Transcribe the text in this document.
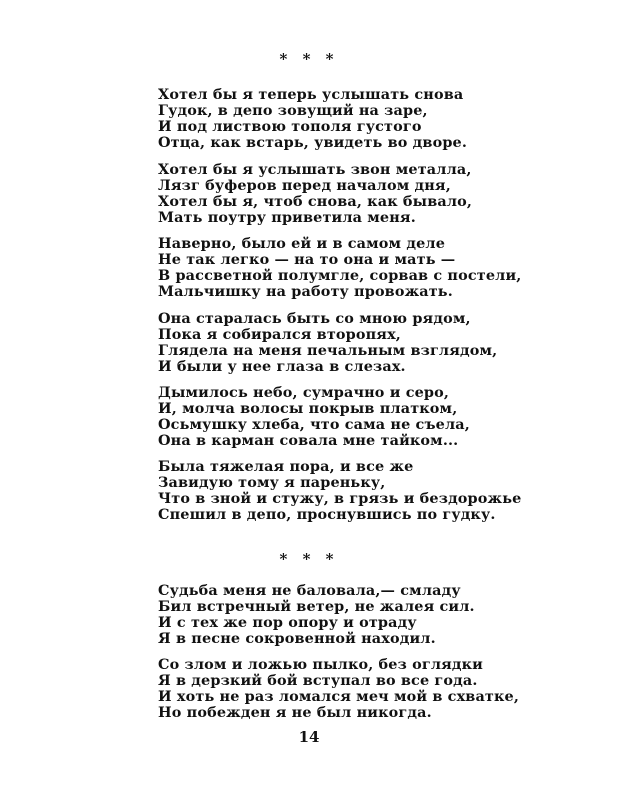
* * *
Хотел бы я теперь услышать снова
Гудок, в депо зовущий на заре,
И под листвою тополя густого
Отца, как встарь, увидеть во дворе.
Хотел бы я услышать звон металла,
Лязг буферов перед началом дня,
Хотел бы я, чтоб снова, как бывало,
Мать поутру приветила меня.
Наверно, было ей и в самом деле
Не так легко — на то она и мать —
В рассветной полумгле, сорвав с постели,
Мальчишку на работу провожать.
Она старалась быть со мною рядом,
Пока я собирался второпях,
Глядела на меня печальным взглядом,
И были у нее глаза в слезах.
Дымилось небо, сумрачно и серо,
И, молча волосы покрыв платком,
Осьмушку хлеба, что сама не съела,
Она в карман совала мне тайком...
Была тяжелая пора, и все же
Завидую тому я пареньку,
Что в зной и стужу, в грязь и бездорожье
Спешил в депо, проснувшись по гудку.
* * *
Судьба меня не баловала,— смладу
Бил встречный ветер, не жалея сил.
И с тех же пор опору и отраду
Я в песне сокровенной находил.
Со злом и ложью пылко, без оглядки
Я в дерзкий бой вступал во все года.
И хоть не раз ломался меч мой в схватке,
Но побежден я не был никогда.
14
